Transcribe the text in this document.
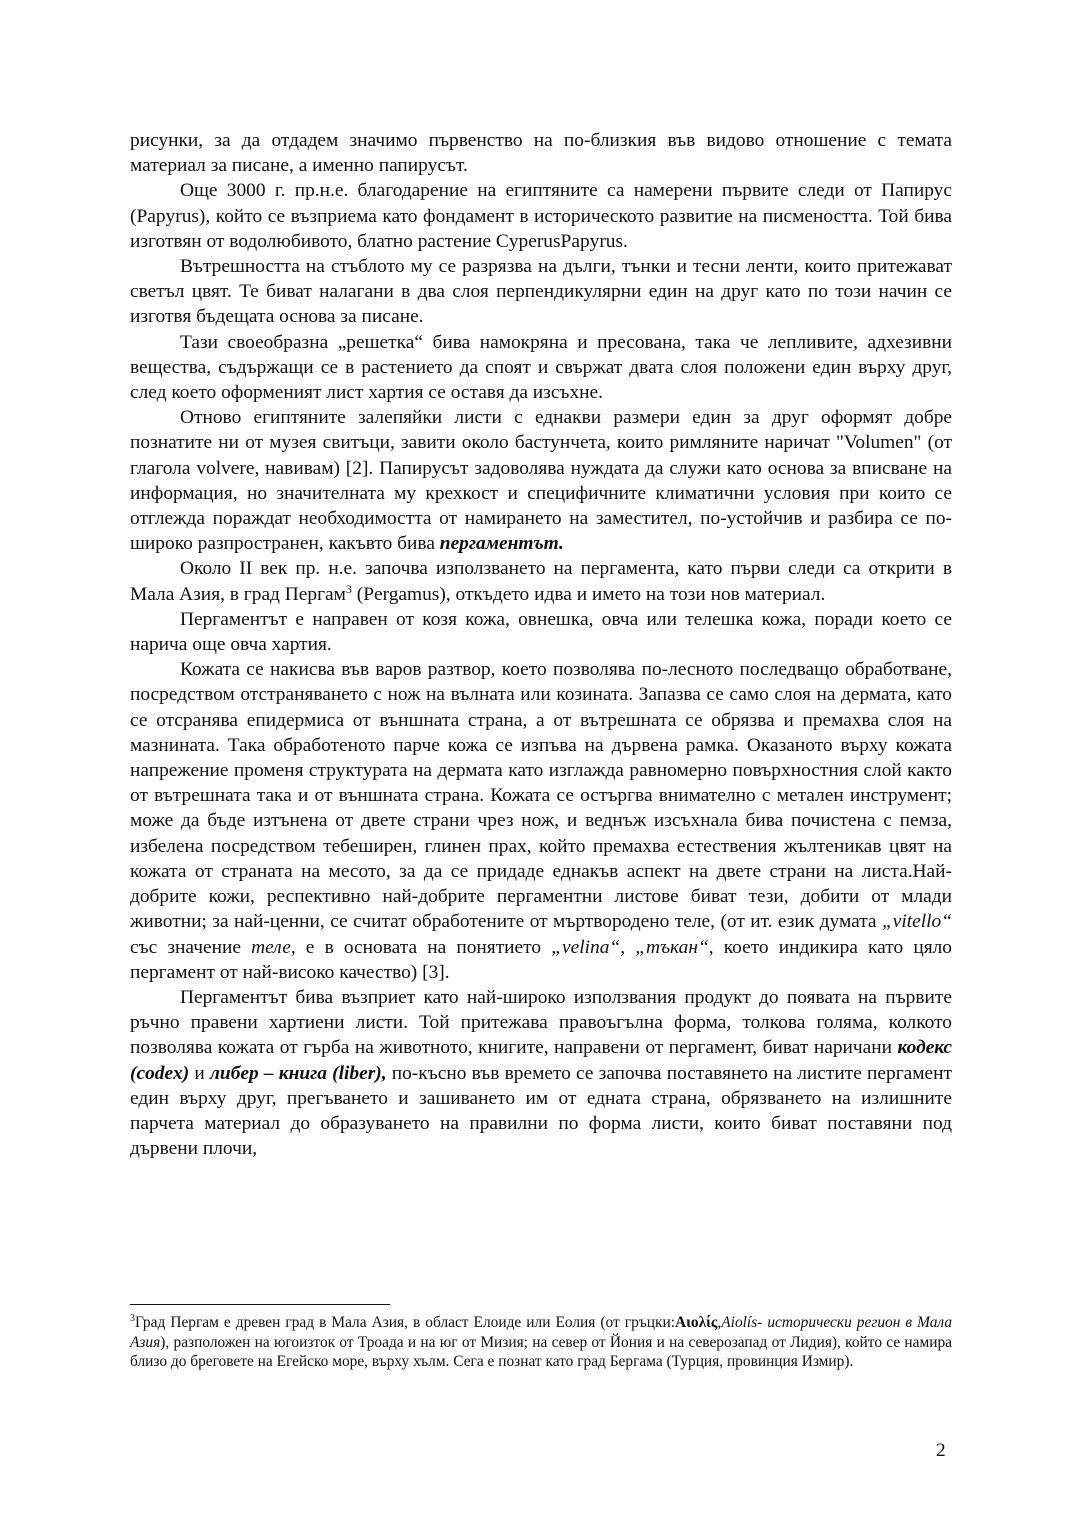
рисунки, за да отдадем значимо първенство на по-близкия във видово отношение с темата материал за писане, а именно папирусът.

Още 3000 г. пр.н.е. благодарение на египтяните са намерени първите следи от Папирус (Papyrus), който се възприема като фондамент в историческото развитие на писмеността. Той бива изготвян от водолюбивото, блатно растение CyperusPapyrus.

Вътрешността на стъблото му се разрязва на дълги, тънки и тесни ленти, които притежават светъл цвят. Те биват налагани в два слоя перпендикулярни един на друг като по този начин се изготвя бъдещата основа за писане.

Тази своеобразна „решетка“ бива намокряна и пресована, така че лепливите, адхезивни вещества, съдържащи се в растението да споят и свържат двата слоя положени един върху друг, след което оформеният лист хартия се оставя да изсъхне.

Отново египтяните залепяйки листи с еднакви размери един за друг оформят добре познатите ни от музея свитъци, завити около бастунчета, които римляните наричат "Volumen" (от глагола volvere, навивам) [2]. Папирусът задоволява нуждата да служи като основа за вписване на информация, но значителната му крехкост и специфичните климатични условия при които се отглежда пораждат необходимостта от намирането на заместител, по-устойчив и разбира се по-широко разпространен, какъвто бива пергаментът.

Около II век пр. н.е. започва използването на пергамента, като първи следи са открити в Мала Азия, в град Пергам$^3$ (Pergamus), откъдето идва и името на този нов материал.

Пергаментът е направен от козя кожа, овнешка, овча или телешка кожа, поради което се нарича още овча хартия.

Кожата се накисва във варов разтвор, което позволява по-лесното последващо обработване, посредством отстраняването с нож на вълната или козината. Запазва се само слоя на дермата, като се отсранява епидермиса от външната страна, а от вътрешната се обрязва и премахва слоя на мазнината. Така обработеното парче кожа се изпъва на дървена рамка. Оказаното върху кожата напрежение променя структурата на дермата като изглажда равномерно повърхностния слой както от вътрешната така и от външната страна. Кожата се остъргва внимателно с метален инструмент; може да бъде изтънена от двете страни чрез нож, и веднъж изсъхнала бива почистена с пемза, избелена посредством тебеширен, глинен прах, който премахва естествения жълтеникав цвят на кожата от страната на месото, за да се придаде еднакъв аспект на двете страни на листа.Най-добрите кожи, респективно най-добрите пергаментни листове биват тези, добити от млади животни; за най-ценни, се считат обработените от мъртвородено теле, (от ит. език думата „vitello“ със значение теле, е в основата на понятието „velina“, „тъкан“, което индикира като цяло пергамент от най-високо качество) [3].

Пергаментът бива възприет като най-широко използвания продукт до появата на първите ръчно правени хартиени листи. Той притежава правоъгълна форма, толкова голяма, колкото позволява кожата от гърба на животното, книгите, направени от пергамент, биват наричани кодекс (codex) и либер – книга (liber), по-късно във времето се започва поставянето на листите пергамент един върху друг, прегъването и зашиването им от едната страна, обрязването на излишните парчета материал до образуването на правилни по форма листи, които биват поставяни под дървени плочи,

$^3$Град Пергам е древен град в Мала Азия, в област Елоиде или Еолия (от гръцки:Αιολίς,Aiolís- исторически регион в Мала Азия), разположен на югоизток от Троада и на юг от Мизия; на север от Йония и на северозапад от Лидия), който се намира близо до бреговете на Егейско море, върху хълм. Сега е познат като град Бергама (Турция, провинция Измир).
2
